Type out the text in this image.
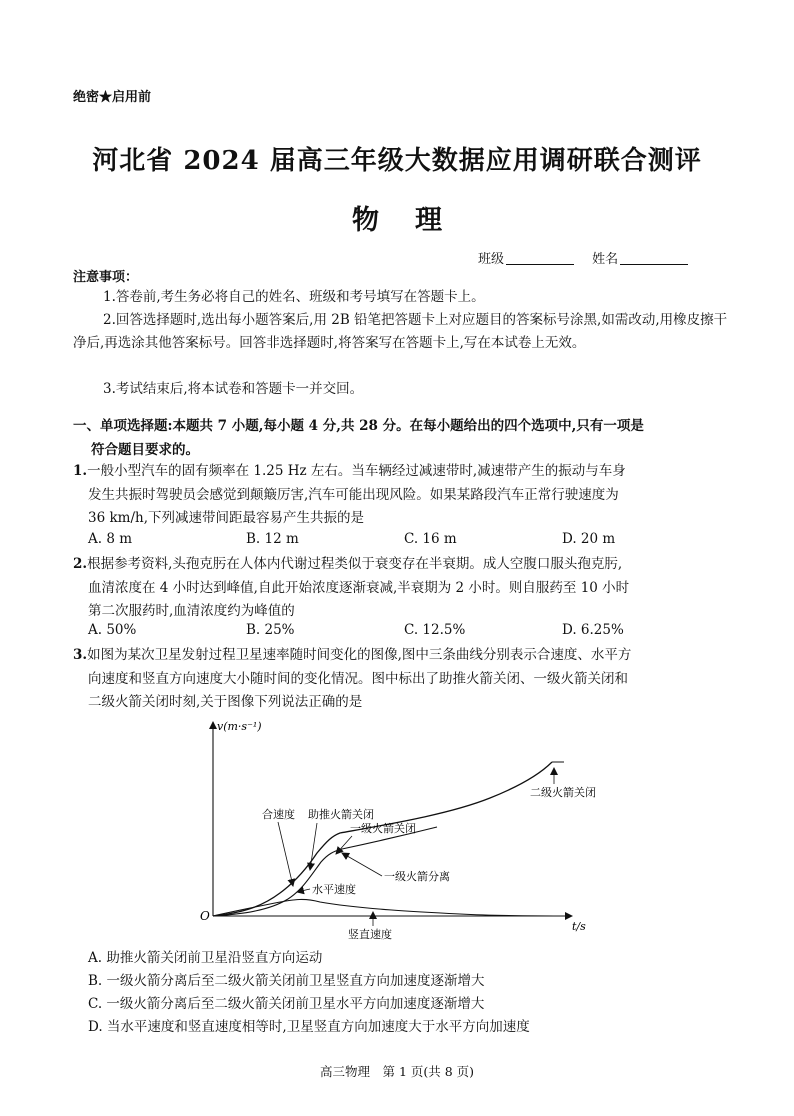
绝密★启用前
河北省 2024 届高三年级大数据应用调研联合测评
物理
班级	姓名
注意事项：
1.答卷前,考生务必将自己的姓名、班级和考号填写在答题卡上。
2.回答选择题时,选出每小题答案后,用 2B 铅笔把答题卡上对应题目的答案标号涂黑,如需改动,用橡皮擦干净后,再选涂其他答案标号。回答非选择题时,将答案写在答题卡上,写在本试卷上无效。
3.考试结束后,将本试卷和答题卡一并交回。
一、单项选择题:本题共 7 小题,每小题 4 分,共 28 分。在每小题给出的四个选项中,只有一项是
符合题目要求的。
1.一般小型汽车的固有频率在 1.25 Hz 左右。当车辆经过减速带时,减速带产生的振动与车身
发生共振时驾驶员会感觉到颠簸厉害,汽车可能出现风险。如果某路段汽车正常行驶速度为
36 km/h,下列减速带间距最容易产生共振的是
A. 8 m	B. 12 m	C. 16 m	D. 20 m
2.根据参考资料,头孢克肟在人体内代谢过程类似于衰变存在半衰期。成人空腹口服头孢克肟,
血清浓度在 4 小时达到峰值,自此开始浓度逐渐衰减,半衰期为 2 小时。则自服药至 10 小时
第二次服药时,血清浓度约为峰值的
A. 50%	B. 25%	C. 12.5%	D. 6.25%
3.如图为某次卫星发射过程卫星速率随时间变化的图像,图中三条曲线分别表示合速度、水平方
向速度和竖直方向速度大小随时间的变化情况。图中标出了助推火箭关闭、一级火箭关闭和
二级火箭关闭时刻,关于图像下列说法正确的是
v(m·s⁻¹)
t/s
O
合速度 助推火箭关闭
一级火箭关闭
一级火箭分离
水平速度
竖直速度
二级火箭关闭
A. 助推火箭关闭前卫星沿竖直方向运动
B. 一级火箭分离后至二级火箭关闭前卫星竖直方向加速度逐渐增大
C. 一级火箭分离后至二级火箭关闭前卫星水平方向加速度逐渐增大
D. 当水平速度和竖直速度相等时,卫星竖直方向加速度大于水平方向加速度
高三物理　第 1 页(共 8 页)
